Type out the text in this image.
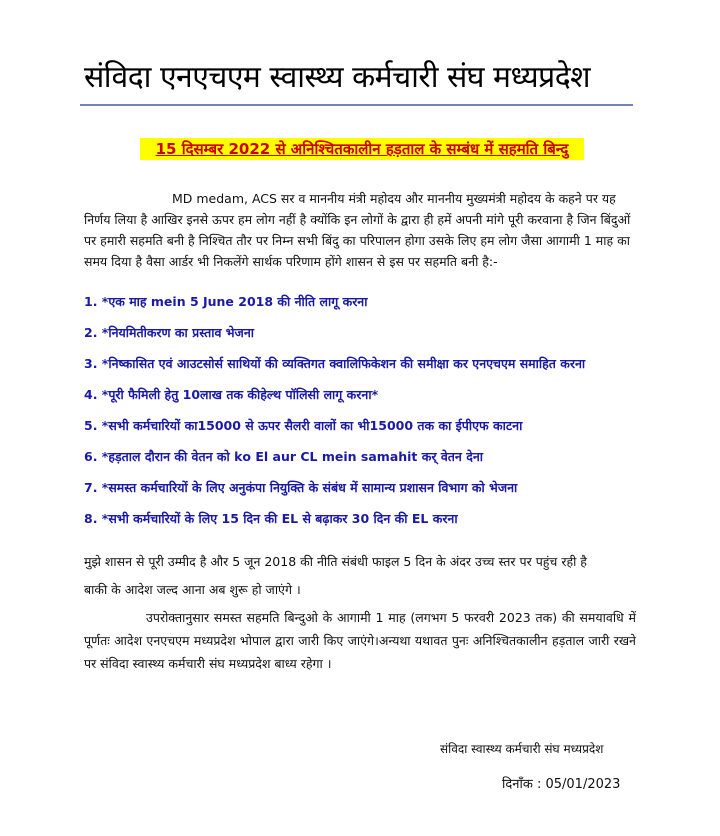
संविदा एनएचएम स्वास्थ्य कर्मचारी संघ मध्यप्रदेश
15 दिसम्बर 2022 से अनिश्चितकालीन हड़ताल के सम्बंध में सहमति बिन्दु
MD medam, ACS सर व माननीय मंत्री महोदय और माननीय मुख्यमंत्री महोदय के कहने पर यह निर्णय लिया है आखिर इनसे ऊपर हम लोग नहीं है क्योंकि इन लोगों के द्वारा ही हमें अपनी मांगे पूरी करवाना है जिन बिंदुओं पर हमारी सहमति बनी है निश्चित तौर पर निम्न सभी बिंदु का परिपालन होगा उसके लिए हम लोग जैसा आगामी 1 माह का समय दिया है वैसा आर्डर भी निकलेंगे सार्थक परिणाम होंगे शासन से इस पर सहमति बनी है:-
1. *एक माह mein 5 June 2018 की नीति लागू करना
2. *नियमितीकरण का प्रस्ताव भेजना
3. *निष्कासित एवं आउटसोर्स साथियों की व्यक्तिगत क्वालिफिकेशन की समीक्षा कर एनएचएम समाहित करना
4. *पूरी फैमिली हेतु 10लाख तक कीहेल्थ पॉलिसी लागू करना*
5. *सभी कर्मचारियों का15000 से ऊपर सैलरी वालों का भी15000 तक का ईपीएफ काटना
6. *हड़ताल दौरान की वेतन को kо El aur CL mein samahit कर् वेतन देना
7. *समस्त कर्मचारियों के लिए अनुकंपा नियुक्ति के संबंध में सामान्य प्रशासन विभाग को भेजना
8. *सभी कर्मचारियों के लिए 15 दिन की EL से बढ़ाकर 30 दिन की EL करना
मुझे शासन से पूरी उम्मीद है और 5 जून 2018 की नीति संबंधी फाइल 5 दिन के अंदर उच्च स्तर पर पहुंच रही है
बाकी के आदेश जल्द आना अब शुरू हो जाएंगे ।
उपरोक्तानुसार समस्त सहमति बिन्दुओ के आगामी 1 माह (लगभग 5 फरवरी 2023 तक) की समयावधि में पूर्णतः आदेश एनएचएम मध्यप्रदेश भोपाल द्वारा जारी किए जाएंगे।अन्यथा यथावत पुनः अनिश्चितकालीन हड़ताल जारी रखने पर संविदा स्वास्थ्य कर्मचारी संघ मध्यप्रदेश बाध्य रहेगा ।
संविदा स्वास्थ्य कर्मचारी संघ मध्यप्रदेश
दिनाँक : 05/01/2023
